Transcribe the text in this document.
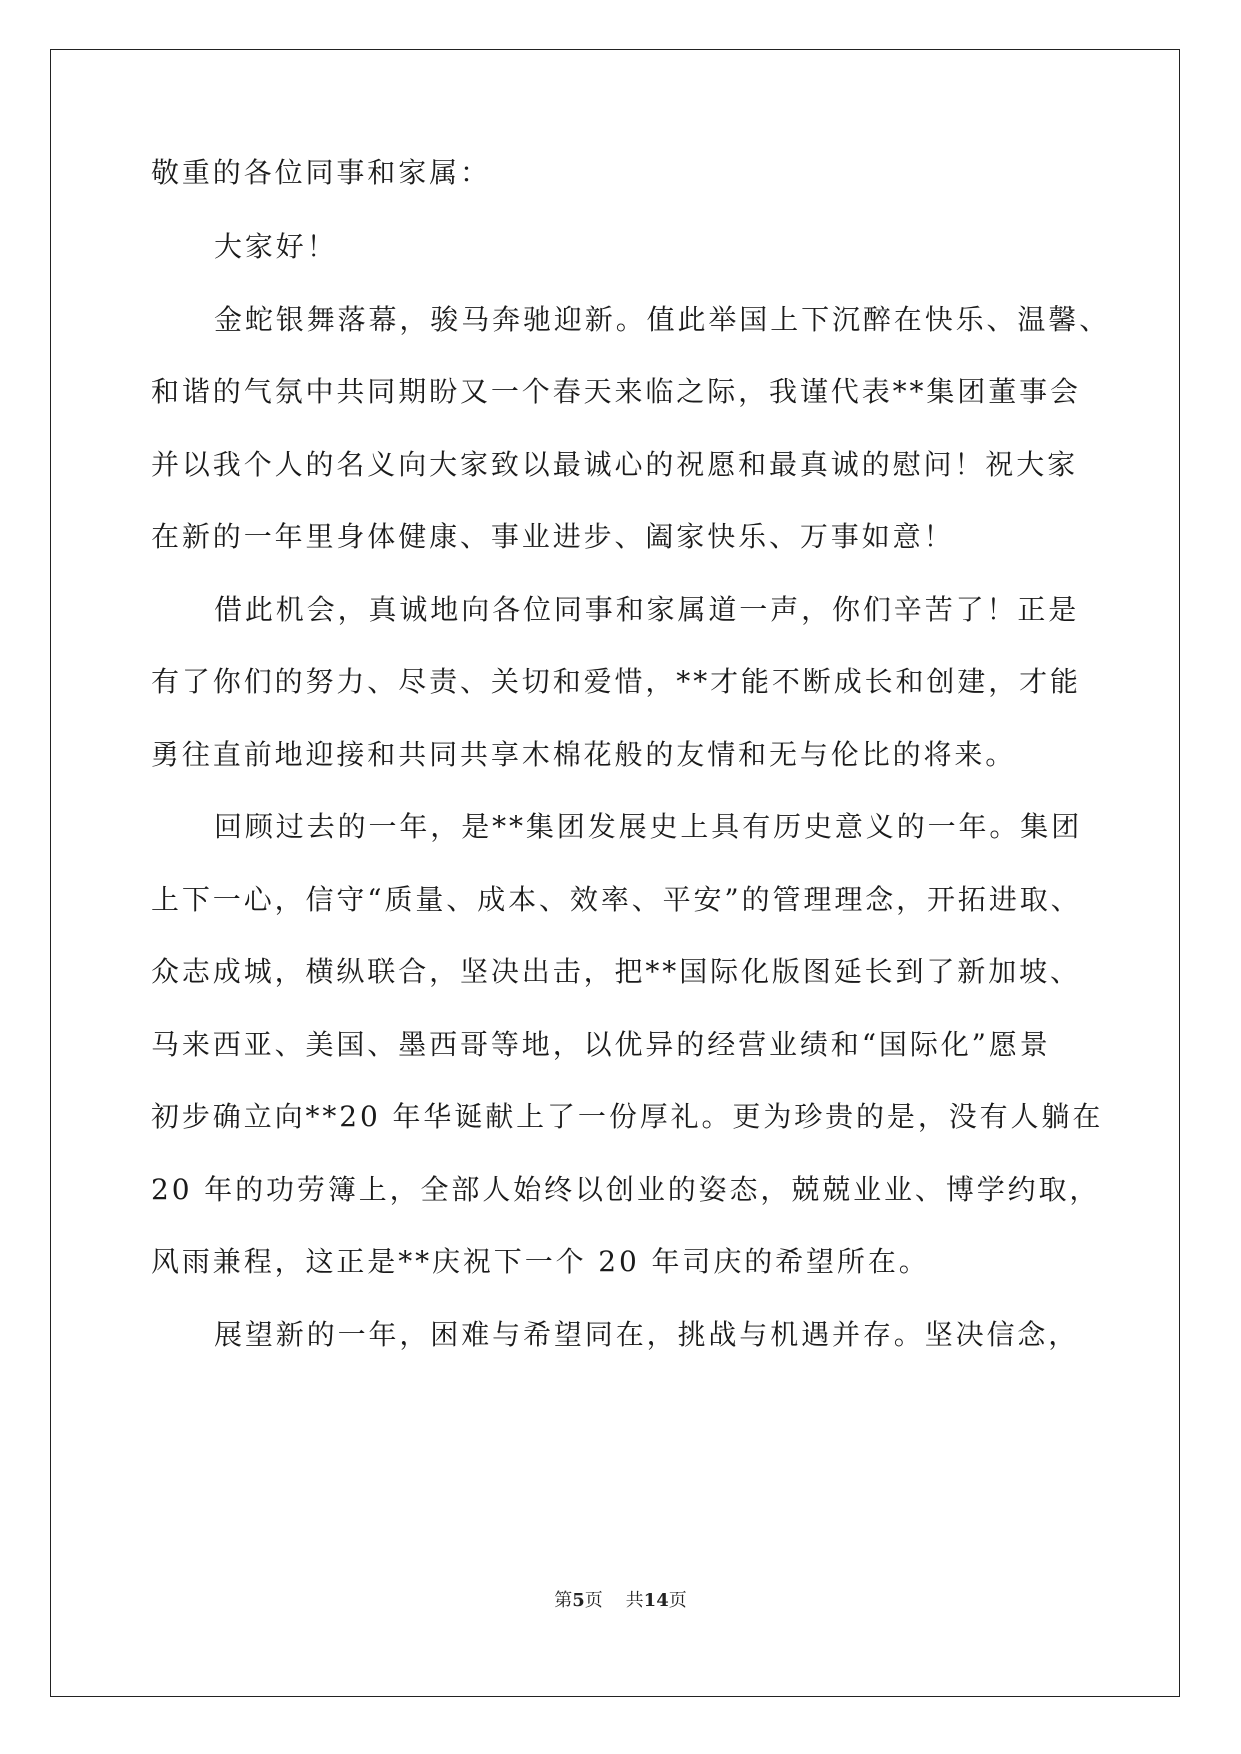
敬重的各位同事和家属：
大家好！
金蛇银舞落幕，骏马奔驰迎新。值此举国上下沉醉在快乐、温馨、
和谐的气氛中共同期盼又一个春天来临之际，我谨代表**集团董事会
并以我个人的名义向大家致以最诚心的祝愿和最真诚的慰问！祝大家
在新的一年里身体健康、事业进步、阖家快乐、万事如意！
借此机会，真诚地向各位同事和家属道一声，你们辛苦了！正是
有了你们的努力、尽责、关切和爱惜，**才能不断成长和创建，才能
勇往直前地迎接和共同共享木棉花般的友情和无与伦比的将来。
回顾过去的一年，是**集团发展史上具有历史意义的一年。集团
上下一心，信守“质量、成本、效率、平安”的管理理念，开拓进取、
众志成城，横纵联合，坚决出击，把**国际化版图延长到了新加坡、
马来西亚、美国、墨西哥等地，以优异的经营业绩和“国际化”愿景
初步确立向**20 年华诞献上了一份厚礼。更为珍贵的是，没有人躺在
20 年的功劳簿上，全部人始终以创业的姿态，兢兢业业、博学约取，
风雨兼程，这正是**庆祝下一个 20 年司庆的希望所在。
展望新的一年，困难与希望同在，挑战与机遇并存。坚决信念，
第5页 共14页
